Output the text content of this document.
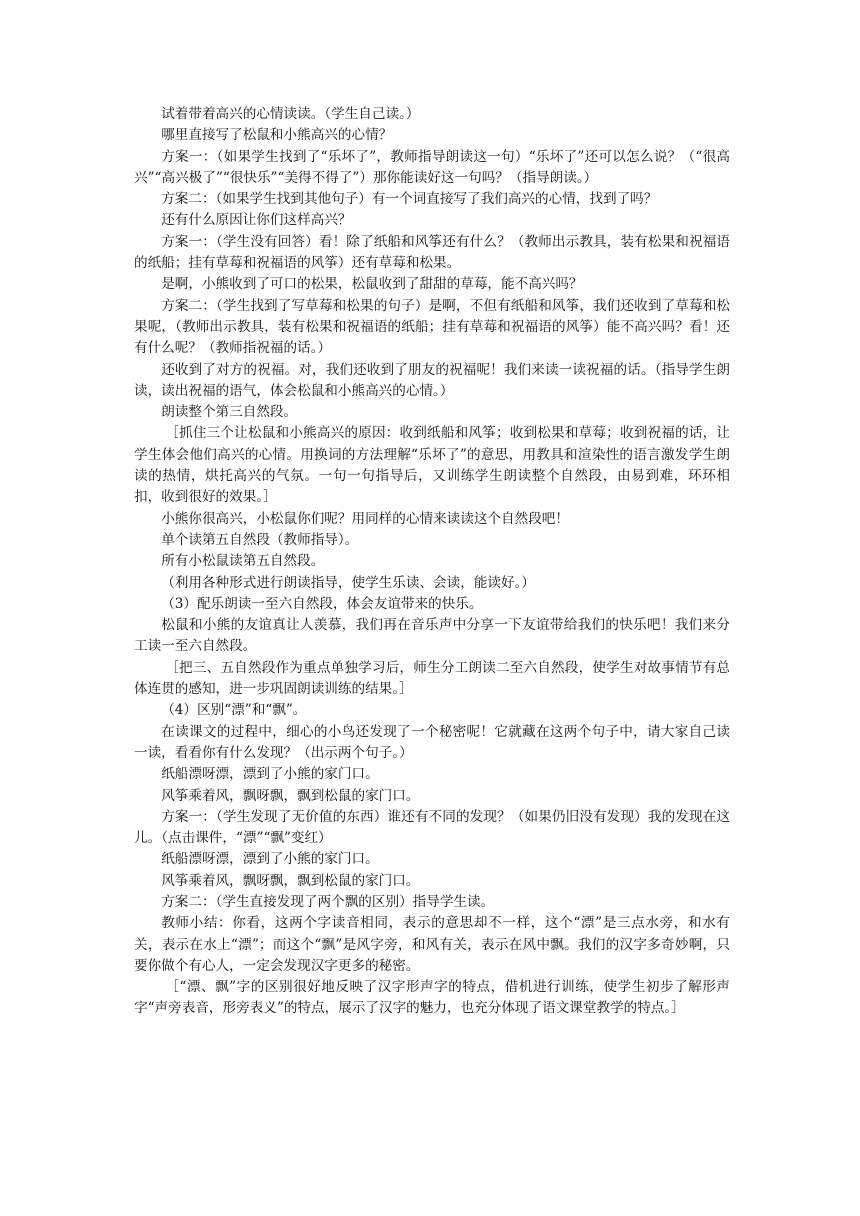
试着带着高兴的心情读读。（学生自己读。）

哪里直接写了松鼠和小熊高兴的心情？

方案一：（如果学生找到了“乐坏了”，教师指导朗读这一句）“乐坏了”还可以怎么说？（“很高兴”“高兴极了”“很快乐”“美得不得了”）那你能读好这一句吗？（指导朗读。）

方案二：（如果学生找到其他句子）有一个词直接写了我们高兴的心情，找到了吗？

还有什么原因让你们这样高兴？

方案一：（学生没有回答）看！除了纸船和风筝还有什么？（教师出示教具，装有松果和祝福语的纸船；挂有草莓和祝福语的风筝）还有草莓和松果。

是啊，小熊收到了可口的松果，松鼠收到了甜甜的草莓，能不高兴吗？

方案二：（学生找到了写草莓和松果的句子）是啊，不但有纸船和风筝，我们还收到了草莓和松果呢，（教师出示教具，装有松果和祝福语的纸船；挂有草莓和祝福语的风筝）能不高兴吗？看！还有什么呢？（教师指祝福的话。）

还收到了对方的祝福。对，我们还收到了朋友的祝福呢！我们来读一读祝福的话。（指导学生朗读，读出祝福的语气，体会松鼠和小熊高兴的心情。）

朗读整个第三自然段。

［抓住三个让松鼠和小熊高兴的原因：收到纸船和风筝；收到松果和草莓；收到祝福的话，让学生体会他们高兴的心情。用换词的方法理解“乐坏了”的意思，用教具和渲染性的语言激发学生朗读的热情，烘托高兴的气氛。一句一句指导后，又训练学生朗读整个自然段，由易到难，环环相扣，收到很好的效果。］

小熊你很高兴，小松鼠你们呢？用同样的心情来读读这个自然段吧！

单个读第五自然段（教师指导）。

所有小松鼠读第五自然段。

（利用各种形式进行朗读指导，使学生乐读、会读，能读好。）

（3）配乐朗读一至六自然段，体会友谊带来的快乐。

松鼠和小熊的友谊真让人羡慕，我们再在音乐声中分享一下友谊带给我们的快乐吧！我们来分工读一至六自然段。

［把三、五自然段作为重点单独学习后，师生分工朗读二至六自然段，使学生对故事情节有总体连贯的感知，进一步巩固朗读训练的结果。］

（4）区别“漂”和“飘”。

在读课文的过程中，细心的小鸟还发现了一个秘密呢！它就藏在这两个句子中，请大家自己读一读，看看你有什么发现？（出示两个句子。）

纸船漂呀漂，漂到了小熊的家门口。

风筝乘着风，飘呀飘，飘到松鼠的家门口。

方案一：（学生发现了无价值的东西）谁还有不同的发现？（如果仍旧没有发现）我的发现在这儿。（点击课件，“漂”“飘”变红）

纸船漂呀漂，漂到了小熊的家门口。

风筝乘着风，飘呀飘，飘到松鼠的家门口。

方案二：（学生直接发现了两个飘的区别）指导学生读。

教师小结：你看，这两个字读音相同，表示的意思却不一样，这个“漂”是三点水旁，和水有关，表示在水上“漂”；而这个“飘”是风字旁，和风有关，表示在风中飘。我们的汉字多奇妙啊，只要你做个有心人，一定会发现汉字更多的秘密。

［“漂、飘”字的区别很好地反映了汉字形声字的特点，借机进行训练，使学生初步了解形声字“声旁表音，形旁表义”的特点，展示了汉字的魅力，也充分体现了语文课堂教学的特点。］
